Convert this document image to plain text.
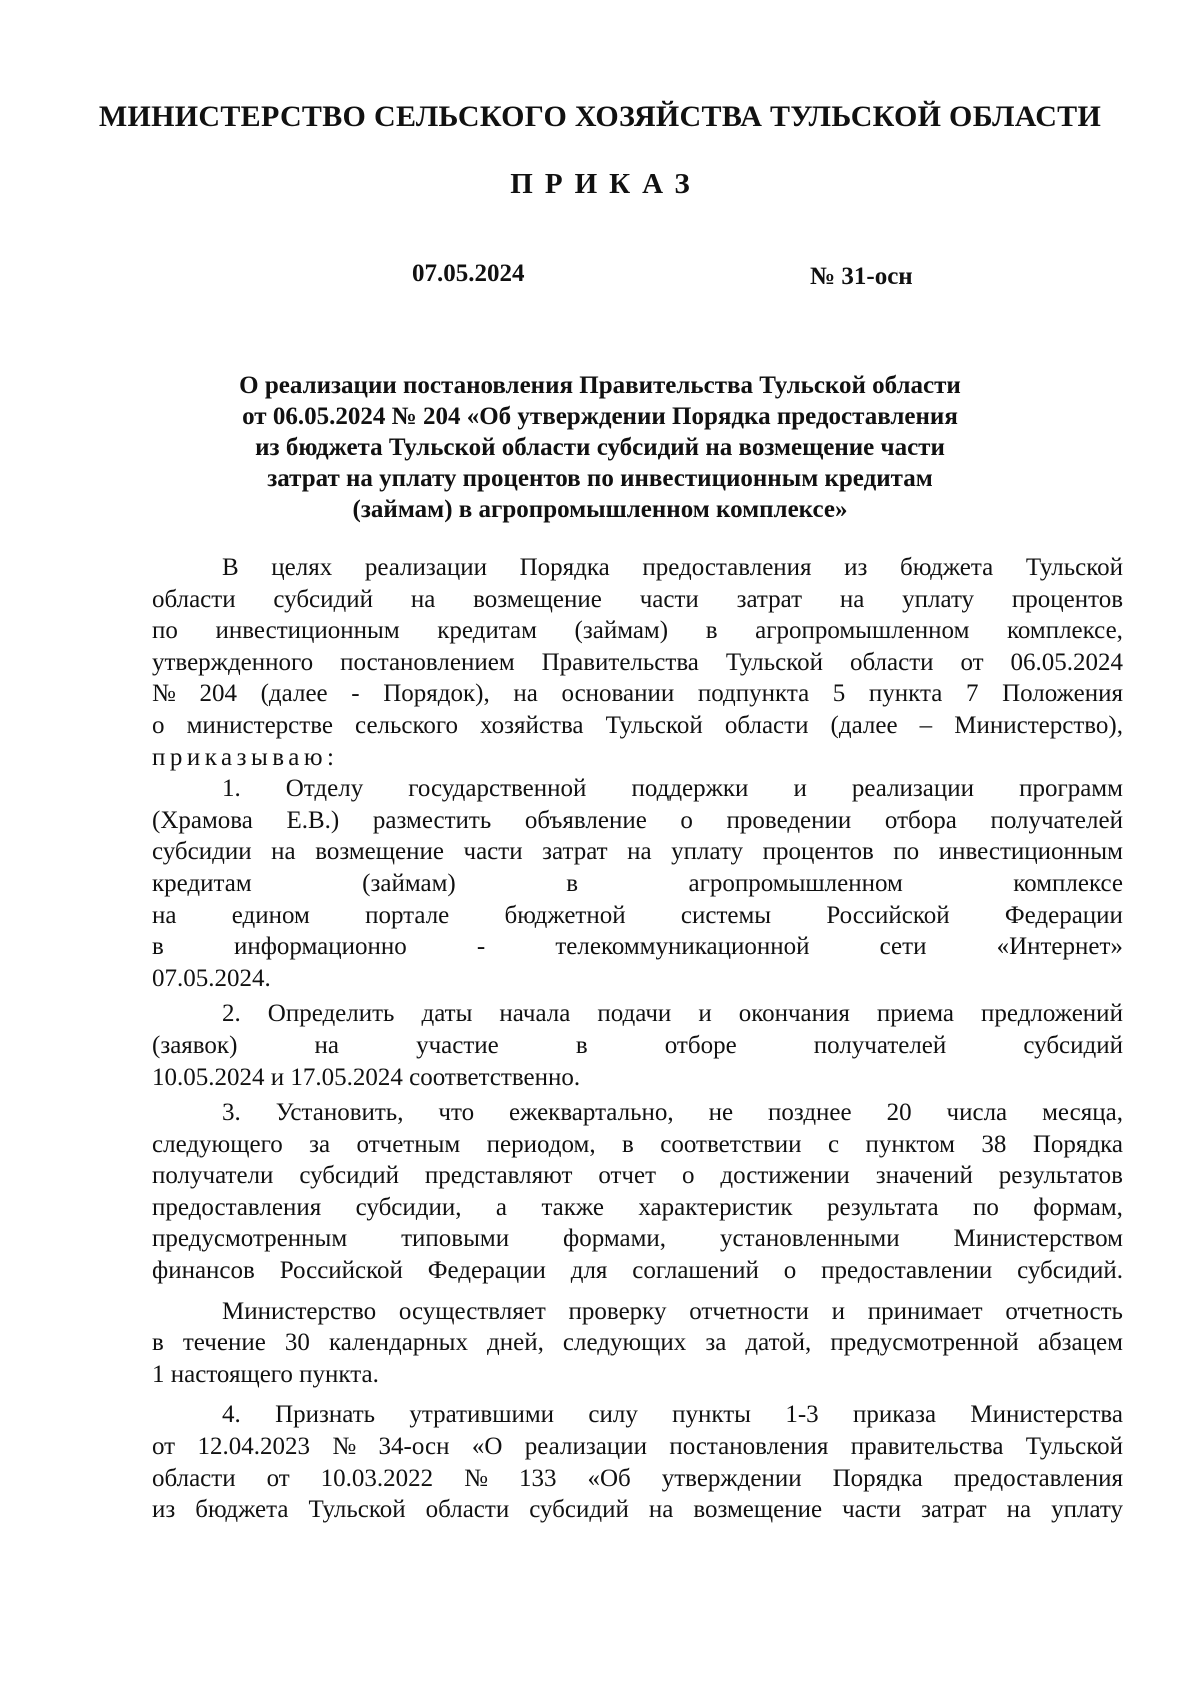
МИНИСТЕРСТВО СЕЛЬСКОГО ХОЗЯЙСТВА ТУЛЬСКОЙ ОБЛАСТИ
ПРИКАЗ
07.05.2024	№ 31-осн
О реализации постановления Правительства Тульской области
от 06.05.2024 № 204 «Об утверждении Порядка предоставления
из бюджета Тульской области субсидий на возмещение части
затрат на уплату процентов по инвестиционным кредитам
(займам) в агропромышленном комплексе»
В целях реализации Порядка предоставления из бюджета Тульской
области субсидий на возмещение части затрат на уплату процентов
по инвестиционным кредитам (займам) в агропромышленном комплексе,
утвержденного постановлением Правительства Тульской области от 06.05.2024
№ 204 (далее - Порядок), на основании подпункта 5 пункта 7 Положения
о министерстве сельского хозяйства Тульской области (далее – Министерство),
приказываю:
1. Отделу государственной поддержки и реализации программ
(Храмова Е.В.) разместить объявление о проведении отбора получателей
субсидии на возмещение части затрат на уплату процентов по инвестиционным
кредитам	(займам)	в	агропромышленном	комплексе
на едином портале бюджетной системы Российской Федерации
в	информационно	-	телекоммуникационной	сети	«Интернет»
07.05.2024.
2. Определить даты начала подачи и окончания приема предложений
(заявок)	на	участие	в	отборе	получателей	субсидий
10.05.2024 и 17.05.2024 соответственно.
3. Установить, что ежеквартально, не позднее 20 числа месяца,
следующего за отчетным периодом, в соответствии с пунктом 38 Порядка
получатели субсидий представляют отчет о достижении значений результатов
предоставления субсидии, а также характеристик результата по формам,
предусмотренным типовыми формами, установленными Министерством
финансов Российской Федерации для соглашений о предоставлении субсидий.
Министерство осуществляет проверку отчетности и принимает отчетность
в течение 30 календарных дней, следующих за датой, предусмотренной абзацем
1 настоящего пункта.
4. Признать утратившими силу пункты 1-3 приказа Министерства
от 12.04.2023 № 34-осн «О реализации постановления правительства Тульской
области от 10.03.2022 № 133 «Об утверждении Порядка предоставления
из бюджета Тульской области субсидий на возмещение части затрат на уплату
